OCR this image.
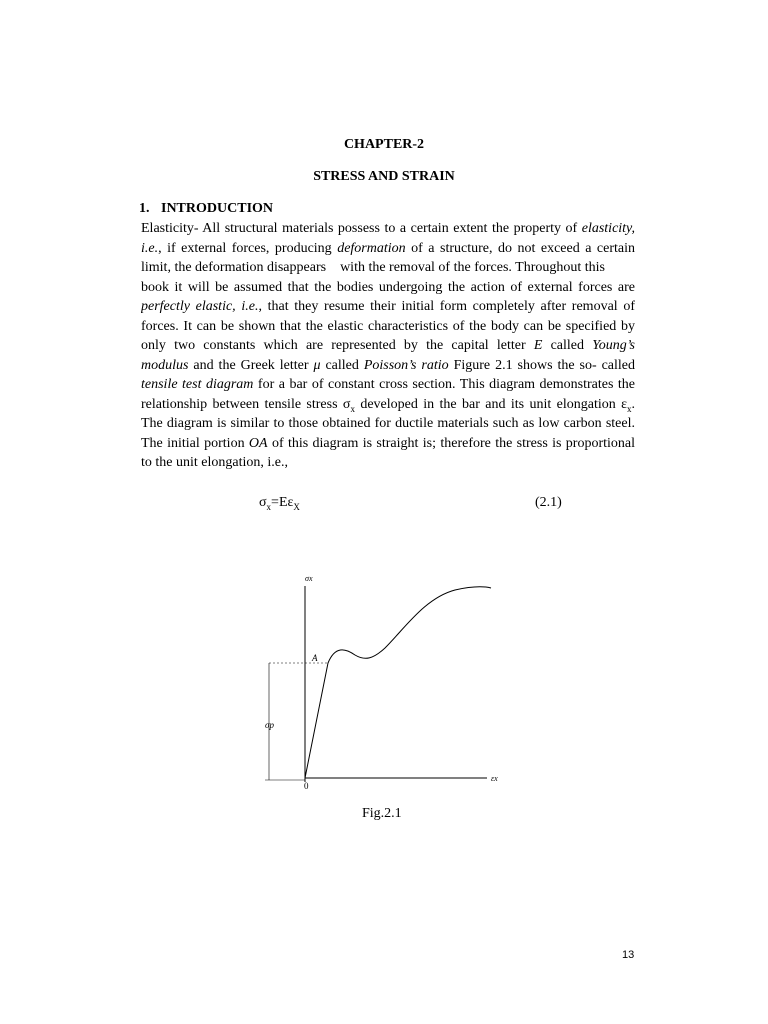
CHAPTER-2
STRESS AND STRAIN
1. INTRODUCTION
Elasticity- All structural materials possess to a certain extent the property of elasticity,
i.e., if external forces, producing deformation of a structure, do not exceed a certain
limit, the deformation disappears    with the removal of the forces. Throughout this
book it will be assumed that the bodies undergoing the action of external forces are
perfectly elastic, i.e., that they resume their initial form completely after removal of
forces. It can be shown that the elastic characteristics of the body can be specified by
only two constants which are represented by the capital letter E called Young’s
modulus and the Greek letter μ called Poisson’s ratio Figure 2.1 shows the so- called
tensile test diagram for a bar of constant cross section. This diagram demonstrates the
relationship between tensile stress $\sigma_x$ developed in the bar and its unit elongation $\varepsilon_x$.
The diagram is similar to those obtained for ductile materials such as low carbon steel.
The initial portion OA of this diagram is straight is; therefore the stress is proportional
to the unit elongation, i.e.,
$\sigma_x=E\varepsilon_X$	(2.1)
σx
εx
A
0
σp
Fig.2.1
13
